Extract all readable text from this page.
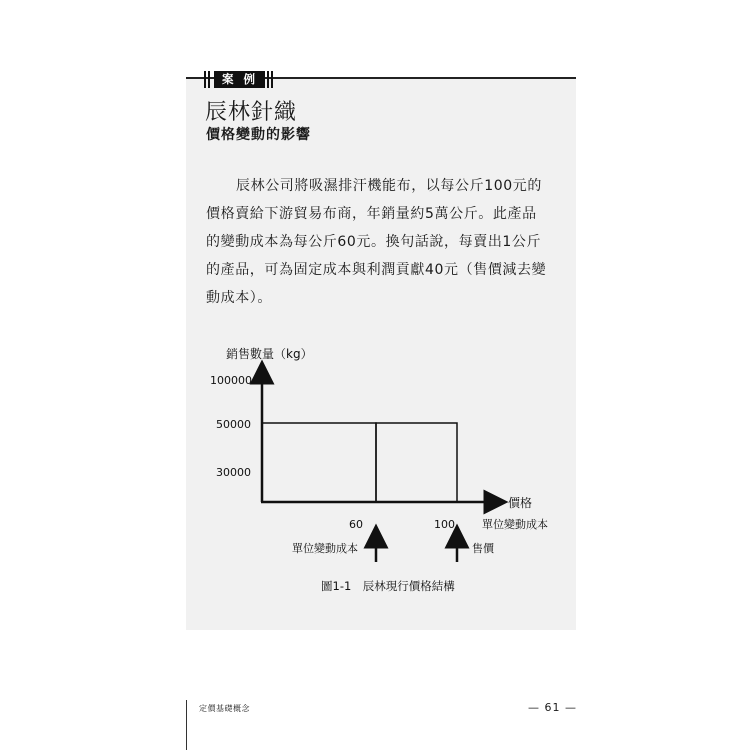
案 例
辰林針織
價格變動的影響

辰林公司將吸濕排汗機能布，以每公斤100元的
價格賣給下游貿易布商，年銷量約5萬公斤。此產品
的變動成本為每公斤60元。換句話說，每賣出1公斤
的產品，可為固定成本與利潤貢獻40元（售價減去變
動成本）。

銷售數量（kg）
價格
100000
50000
30000
60	100 單位變動成本
單位變動成本	售價
圖1-1　辰林現行價格結構
定價基礎概念	— 61 —
